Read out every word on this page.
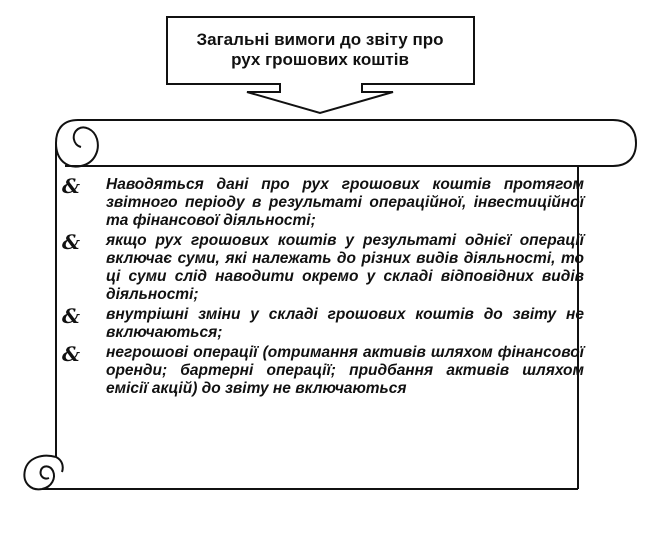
Загальні вимоги до звіту про
рух грошових коштів
& Наводяться дані про рух грошових коштів протягом звітного періоду в результаті операційної, інвестиційної та фінансової діяльності;
& якщо рух грошових коштів у результаті однієї операції включає суми, які належать до різних видів діяльності, то ці суми слід наводити окремо у складі відповідних видів діяльності;
& внутрішні зміни у складі грошових коштів до звіту не включаються;
& негрошові операції (отримання активів шляхом фінансової оренди; бартерні операції; придбання активів шляхом емісії акцій) до звіту не включаються
